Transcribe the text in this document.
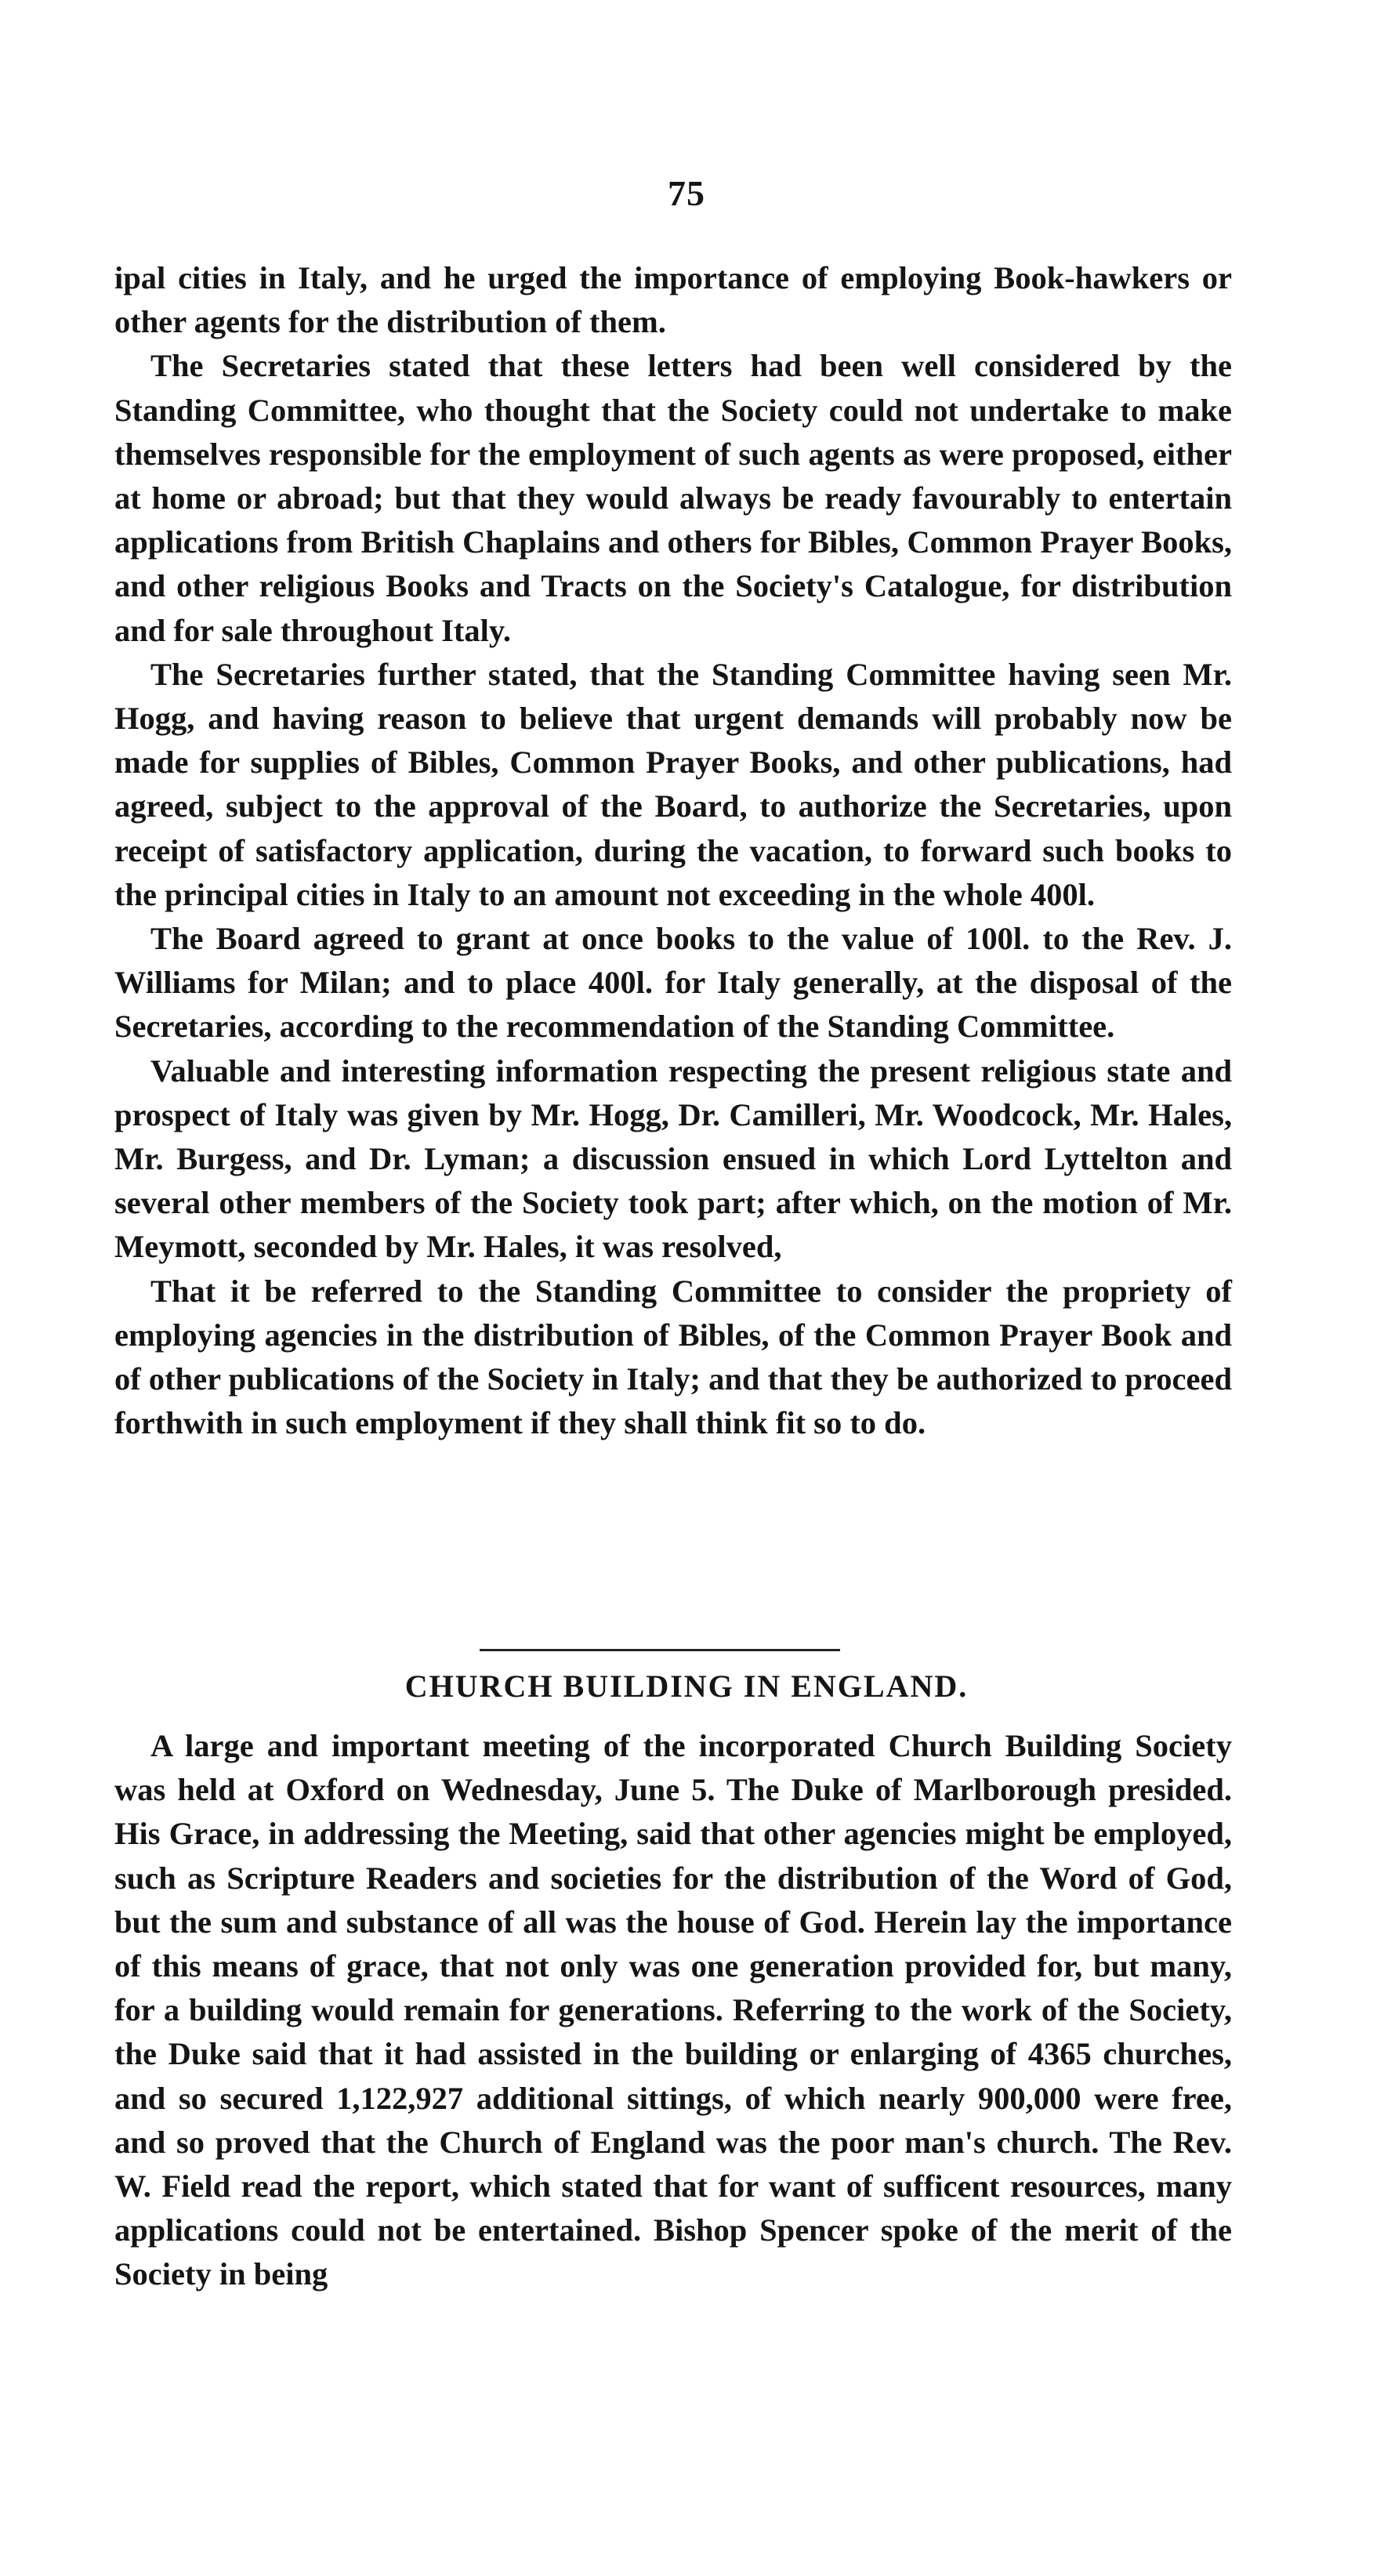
75

ipal cities in Italy, and he urged the importance of employing Book-hawkers or other agents for the distribution of them.

The Secretaries stated that these letters had been well considered by the Standing Committee, who thought that the Society could not undertake to make themselves responsible for the employment of such agents as were proposed, either at home or abroad; but that they would always be ready favourably to entertain applications from British Chaplains and others for Bibles, Common Prayer Books, and other religious Books and Tracts on the Society's Catalogue, for distribution and for sale throughout Italy.

The Secretaries further stated, that the Standing Committee having seen Mr. Hogg, and having reason to believe that urgent demands will probably now be made for supplies of Bibles, Common Prayer Books, and other publications, had agreed, subject to the approval of the Board, to authorize the Secretaries, upon receipt of satisfactory application, during the vacation, to forward such books to the principal cities in Italy to an amount not exceeding in the whole 400l.

The Board agreed to grant at once books to the value of 100l. to the Rev. J. Williams for Milan; and to place 400l. for Italy generally, at the disposal of the Secretaries, according to the recommendation of the Standing Committee.

Valuable and interesting information respecting the present religious state and prospect of Italy was given by Mr. Hogg, Dr. Camilleri, Mr. Woodcock, Mr. Hales, Mr. Burgess, and Dr. Lyman; a discussion ensued in which Lord Lyttelton and several other members of the Society took part; after which, on the motion of Mr. Meymott, seconded by Mr. Hales, it was resolved,

That it be referred to the Standing Committee to consider the propriety of employing agencies in the distribution of Bibles, of the Common Prayer Book and of other publications of the Society in Italy; and that they be authorized to proceed forthwith in such employment if they shall think fit so to do.

CHURCH BUILDING IN ENGLAND.

A large and important meeting of the incorporated Church Building Society was held at Oxford on Wednesday, June 5. The Duke of Marlborough presided. His Grace, in addressing the Meeting, said that other agencies might be employed, such as Scripture Readers and societies for the distribution of the Word of God, but the sum and substance of all was the house of God. Herein lay the importance of this means of grace, that not only was one generation provided for, but many, for a building would remain for generations. Referring to the work of the Society, the Duke said that it had assisted in the building or enlarging of 4365 churches, and so secured 1,122,927 additional sittings, of which nearly 900,000 were free, and so proved that the Church of England was the poor man's church. The Rev. W. Field read the report, which stated that for want of sufficent resources, many applications could not be entertained. Bishop Spencer spoke of the merit of the Society in being
